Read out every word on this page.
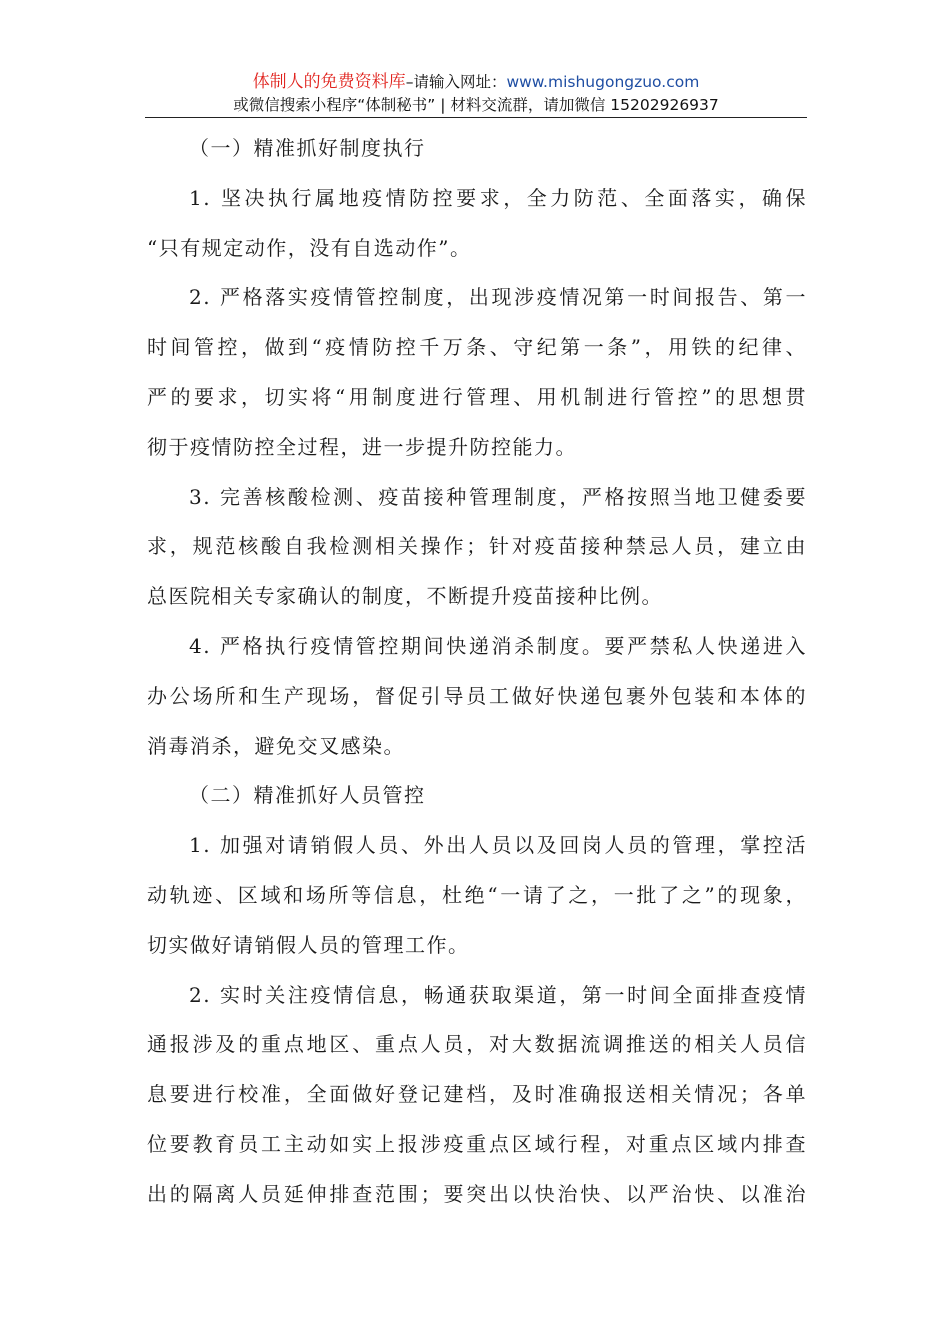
体制人的免费资料库–请输入网址：www.mishugongzuo.com
或微信搜索小程序“体制秘书” | 材料交流群，请加微信 15202926937
（一）精准抓好制度执行
1. 坚决执行属地疫情防控要求，全力防范、全面落实，确保
“只有规定动作，没有自选动作”。
2. 严格落实疫情管控制度，出现涉疫情况第一时间报告、第一
时间管控，做到“疫情防控千万条、守纪第一条”，用铁的纪律、
严的要求，切实将“用制度进行管理、用机制进行管控”的思想贯
彻于疫情防控全过程，进一步提升防控能力。
3. 完善核酸检测、疫苗接种管理制度，严格按照当地卫健委要
求，规范核酸自我检测相关操作；针对疫苗接种禁忌人员，建立由
总医院相关专家确认的制度，不断提升疫苗接种比例。
4. 严格执行疫情管控期间快递消杀制度。要严禁私人快递进入
办公场所和生产现场，督促引导员工做好快递包裹外包装和本体的
消毒消杀，避免交叉感染。
（二）精准抓好人员管控
1. 加强对请销假人员、外出人员以及回岗人员的管理，掌控活
动轨迹、区域和场所等信息，杜绝“一请了之，一批了之”的现象，
切实做好请销假人员的管理工作。
2. 实时关注疫情信息，畅通获取渠道，第一时间全面排查疫情
通报涉及的重点地区、重点人员，对大数据流调推送的相关人员信
息要进行校准，全面做好登记建档，及时准确报送相关情况；各单
位要教育员工主动如实上报涉疫重点区域行程，对重点区域内排查
出的隔离人员延伸排查范围；要突出以快治快、以严治快、以准治
